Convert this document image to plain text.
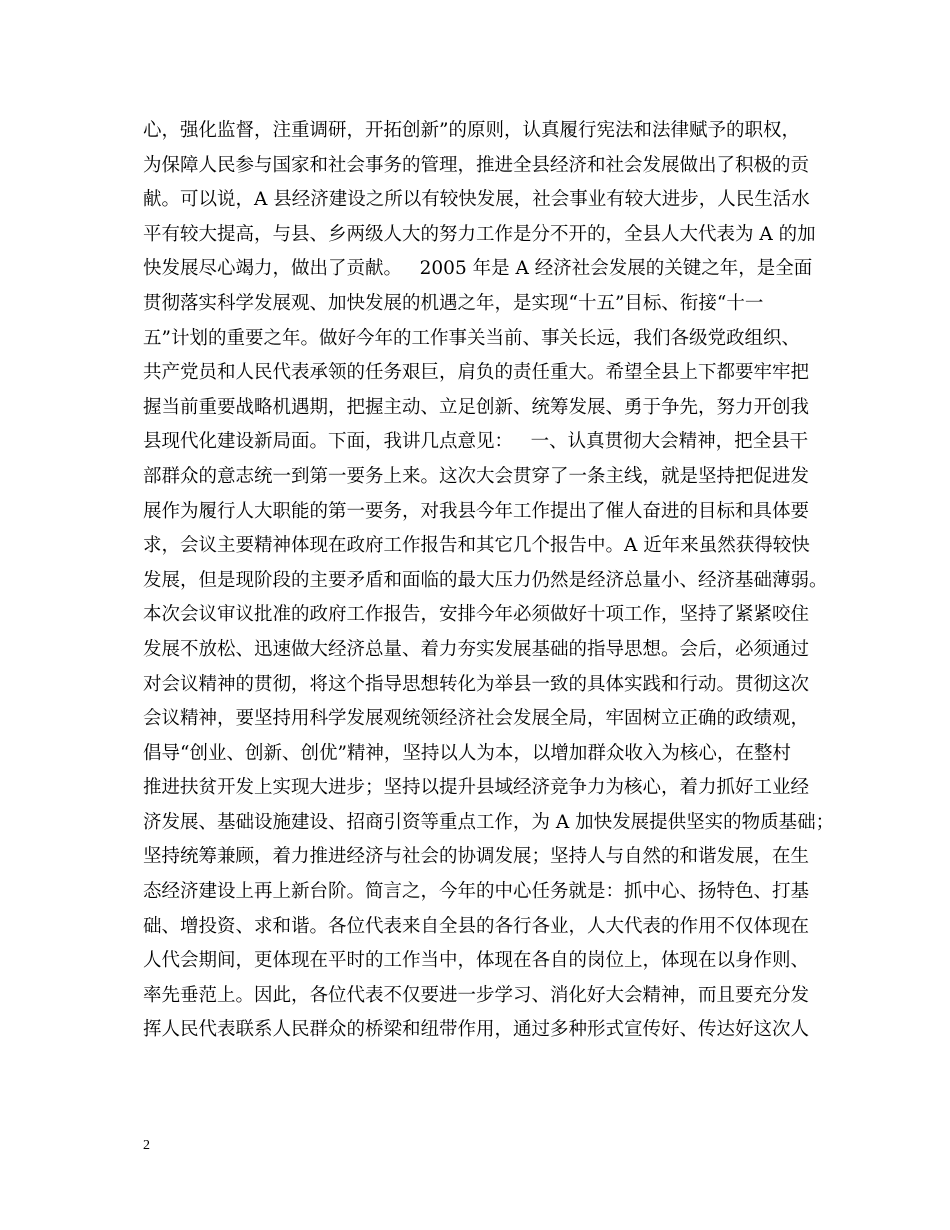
心，强化监督，注重调研，开拓创新”的原则，认真履行宪法和法律赋予的职权，
为保障人民参与国家和社会事务的管理，推进全县经济和社会发展做出了积极的贡
献。可以说，A 县经济建设之所以有较快发展，社会事业有较大进步，人民生活水
平有较大提高，与县、乡两级人大的努力工作是分不开的，全县人大代表为 A 的加
快发展尽心竭力，做出了贡献。   2005 年是 A 经济社会发展的关键之年，是全面
贯彻落实科学发展观、加快发展的机遇之年，是实现“十五”目标、衔接“十一
五”计划的重要之年。做好今年的工作事关当前、事关长远，我们各级党政组织、
共产党员和人民代表承领的任务艰巨，肩负的责任重大。希望全县上下都要牢牢把
握当前重要战略机遇期，把握主动、立足创新、统筹发展、勇于争先，努力开创我
县现代化建设新局面。下面，我讲几点意见：   一、认真贯彻大会精神，把全县干
部群众的意志统一到第一要务上来。这次大会贯穿了一条主线，就是坚持把促进发
展作为履行人大职能的第一要务，对我县今年工作提出了催人奋进的目标和具体要
求，会议主要精神体现在政府工作报告和其它几个报告中。A 近年来虽然获得较快
发展，但是现阶段的主要矛盾和面临的最大压力仍然是经济总量小、经济基础薄弱。
本次会议审议批准的政府工作报告，安排今年必须做好十项工作，坚持了紧紧咬住
发展不放松、迅速做大经济总量、着力夯实发展基础的指导思想。会后，必须通过
对会议精神的贯彻，将这个指导思想转化为举县一致的具体实践和行动。贯彻这次
会议精神，要坚持用科学发展观统领经济社会发展全局，牢固树立正确的政绩观，
倡导“创业、创新、创优”精神，坚持以人为本，以增加群众收入为核心，在整村
推进扶贫开发上实现大进步；坚持以提升县域经济竞争力为核心，着力抓好工业经
济发展、基础设施建设、招商引资等重点工作，为 A 加快发展提供坚实的物质基础；
坚持统筹兼顾，着力推进经济与社会的协调发展；坚持人与自然的和谐发展，在生
态经济建设上再上新台阶。简言之，今年的中心任务就是：抓中心、扬特色、打基
础、增投资、求和谐。各位代表来自全县的各行各业，人大代表的作用不仅体现在
人代会期间，更体现在平时的工作当中，体现在各自的岗位上，体现在以身作则、
率先垂范上。因此，各位代表不仅要进一步学习、消化好大会精神，而且要充分发
挥人民代表联系人民群众的桥梁和纽带作用，通过多种形式宣传好、传达好这次人
2
